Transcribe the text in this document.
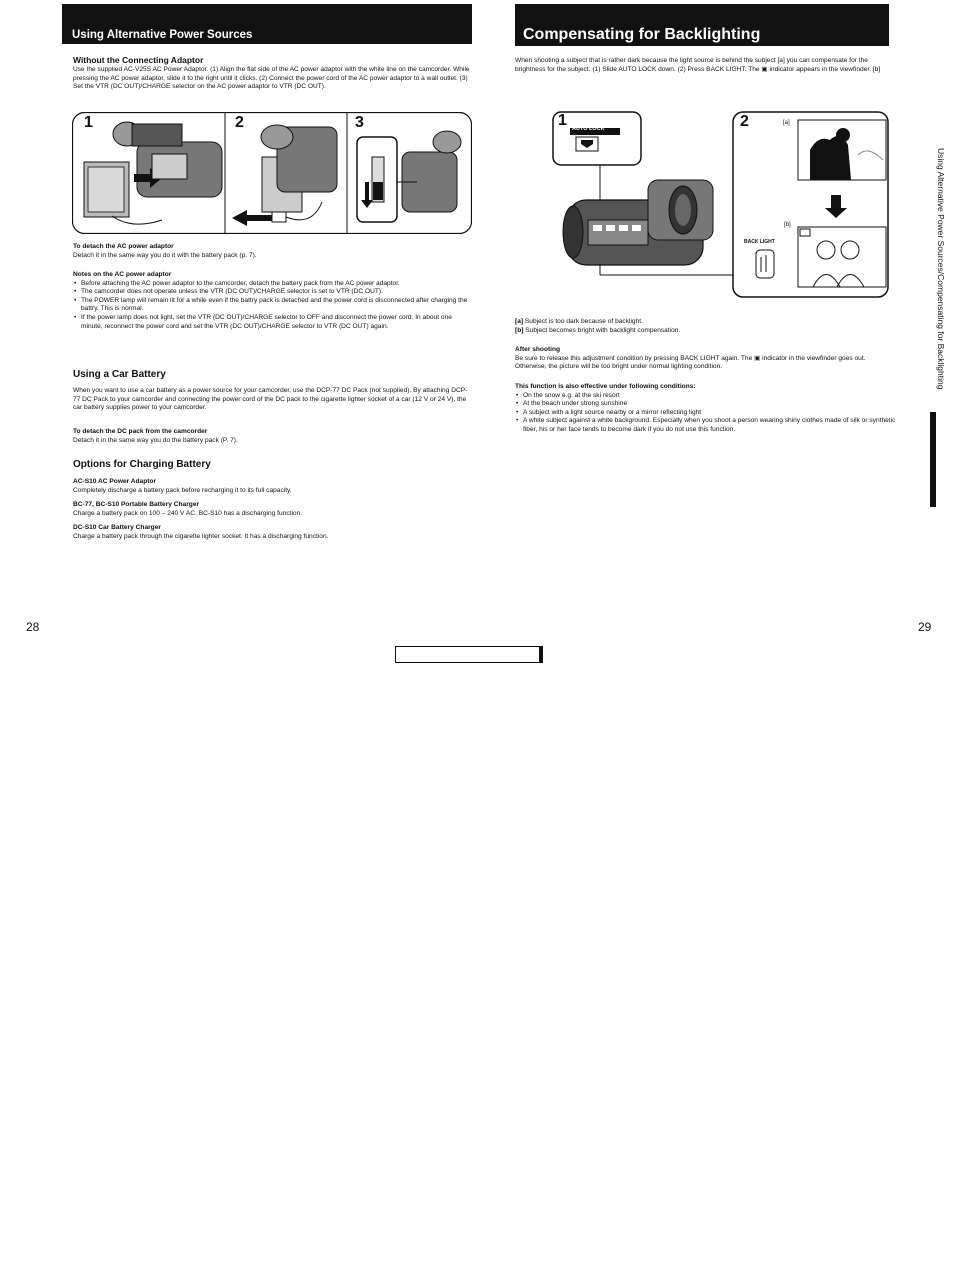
Using Alternative Power Sources
Without the Connecting Adaptor

Use the supplied AC-V25S AC Power Adaptor. (1) Align the flat side of the AC power adaptor with the white line on the camcorder. While pressing the AC power adaptor, slide it to the right until it clicks. (2) Connect the power cord of the AC power adaptor to a wall outlet. (3) Set the VTR (DC OUT)/CHARGE selector on the AC power adaptor to VTR (DC OUT).

1	2	3
To detach the AC power adaptor

Detach it in the same way you do it with the battery pack (p. 7).

Notes on the AC power adaptor
• Before attaching the AC power adaptor to the camcorder, detach the battery pack from the AC power adaptor.
• The camcorder does not operate unless the VTR (DC OUT)/CHARGE selector is set to VTR (DC OUT).
• The POWER lamp will remain lit for a while even if the battry pack is detached and the power cord is disconnected after charging the battry. This is normal.
• If the power lamp does not light, set the VTR (DC OUT)/CHARGE selector to OFF and disconnect the power cord. In about one minute, reconnect the power cord and set the VTR (DC OUT)/CHARGE selector to VTR (DC OUT) again.
Using a Car Battery

When you want to use a car battery as a power source for your camcorder, use the DCP-77 DC Pack (not supplied). By attaching DCP-77 DC Pack to your camcorder and connecting the power cord of the DC pack to the cigarette lighter socket of a car (12 V or 24 V), the car battery supplies power to your camcorder.

To detach the DC pack from the camcorder

Detach it in the same way you do the battery pack (P. 7).

Options for Charging Battery
AC-S10 AC Power Adaptor

Completely discharge a battery pack before recharging it to its full capacity.

BC-77, BC-S10 Portable Battery Charger

Charge a battery pack on 100 – 240 V AC. BC-S10 has a discharging function.

DC-S10 Car Battery Charger

Charge a battery pack through the cigarette lighter socket. It has a discharging function.

28
Compensating for Backlighting

When shooting a subject that is rather dark because the light source is behind the subject [a] you can compensate for the brightness for the subject. (1) Slide AUTO LOCK down. (2) Press BACK LIGHT. The ▣ indicator appears in the viewfinder. [b]

1	2
AUTO LOCK
[a]
[b]
BACK LIGHT

[a] Subject is too dark because of backlight.

[b] Subject becomes bright with backlight compensation.

After shooting

Be sure to release this adjustment condition by pressing BACK LIGHT again. The ▣ indicator in the viewfinder goes out. Otherwise, the picture will be too bright under normal lighting condition.

This function is also effective under following conditions:
• On the snow e.g. at the ski resort
• At the beach under strong sunshine
• A subject with a light source nearby or a mirror reflecting light
• A white subject against a white background. Especially when you shoot a person wearing shiny clothes made of silk or synthetic fiber, his or her face tends to become dark if you do not use this function.
Using Alternative Power Sources/Compensating for Backlighting
29
